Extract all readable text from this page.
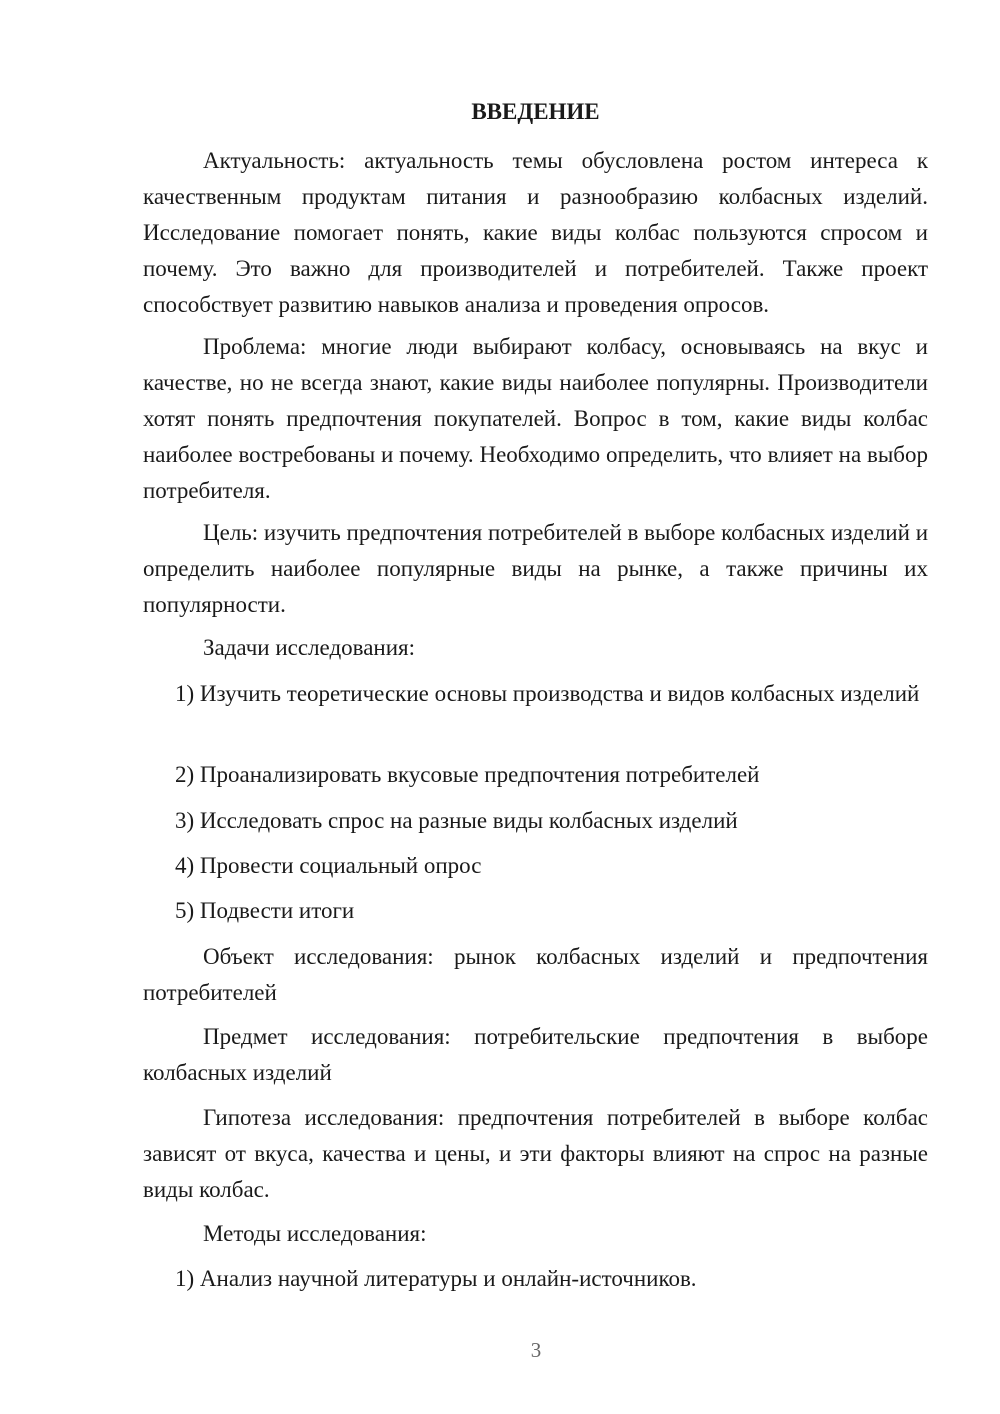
ВВЕДЕНИЕ

Актуальность: актуальность темы обусловлена ростом интереса к качественным продуктам питания и разнообразию колбасных изделий. Исследование помогает понять, какие виды колбас пользуются спросом и почему. Это важно для производителей и потребителей. Также проект способствует развитию навыков анализа и проведения опросов.

Проблема: многие люди выбирают колбасу, основываясь на вкус и качестве, но не всегда знают, какие виды наиболее популярны. Производители хотят понять предпочтения покупателей. Вопрос в том, какие виды колбас наиболее востребованы и почему. Необходимо определить, что влияет на выбор потребителя.

Цель: изучить предпочтения потребителей в выборе колбасных изделий и определить наиболее популярные виды на рынке, а также причины их популярности.

Задачи исследования:

1) Изучить теоретические основы производства и видов колбасных изделий

2) Проанализировать вкусовые предпочтения потребителей

3) Исследовать спрос на разные виды колбасных изделий

4) Провести социальный опрос

5) Подвести итоги

Объект исследования: рынок колбасных изделий и предпочтения потребителей

Предмет исследования: потребительские предпочтения в выборе колбасных изделий

Гипотеза исследования: предпочтения потребителей в выборе колбас зависят от вкуса, качества и цены, и эти факторы влияют на спрос на разные виды колбас.

Методы исследования:

1) Анализ научной литературы и онлайн-источников.

3
